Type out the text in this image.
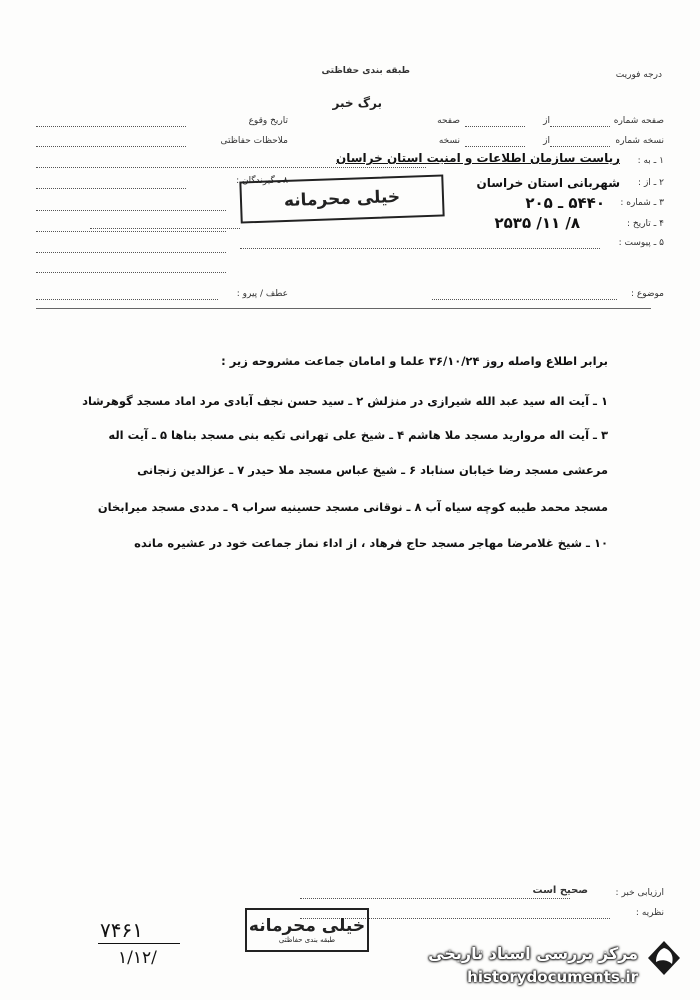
درجه فوریت
طبقه بندی حفاظتی
برگ خبر
صفحه شماره
از
صفحه
تاریخ وقوع
نسخه شماره
از
نسخه
ملاحظات حفاظتی
۱ ـ به :
ریاست سازمان اطلاعات و امنیت استان خراسان
۲ ـ از :
شهربانی استان خراسان
۳ ـ شماره :
۵۴۴۰ ـ ۲۰۵
۴ ـ تاریخ :
۸/ ۱۱/ ۲۵۳۵
۵ ـ پیوست :
۸ ـ گیرندگان :
خیلی محرمانه
موضوع :
عطف / پیرو :
برابر اطلاع واصله روز ۳۶/۱۰/۲۴ علما و امامان جماعت مشروحه زیر :
۱ ـ آیت اله سید عبد الله شیرازی در منزلش ۲ ـ سید حسن نجف آبادی مرد اماد مسجد گوهرشاد
۳ ـ آیت اله مروارید مسجد ملا هاشم ۴ ـ شیخ علی تهرانی تکیه بنی مسجد بناها ۵ ـ آیت اله
مرعشی مسجد رضا خیابان سناباد ۶ ـ شیخ عباس مسجد ملا حیدر ۷ ـ عزالدین زنجانی
مسجد محمد طیبه کوچه سیاه آب ۸ ـ نوقانی مسجد حسینیه سراب ۹ ـ مددی مسجد میرابخان
۱۰ ـ شیخ غلامرضا مهاجر مسجد حاج فرهاد ، از اداء نماز جماعت خود در عشیره مانده
ارزیابی خبر :
صحیح است
نظریه :
خیلی محرمانه
طبقه بندی حفاظتی
۷۴۶۱
۱/۱۲/	مرکز بررسی اسناد تاریخی
historydocuments.ir
